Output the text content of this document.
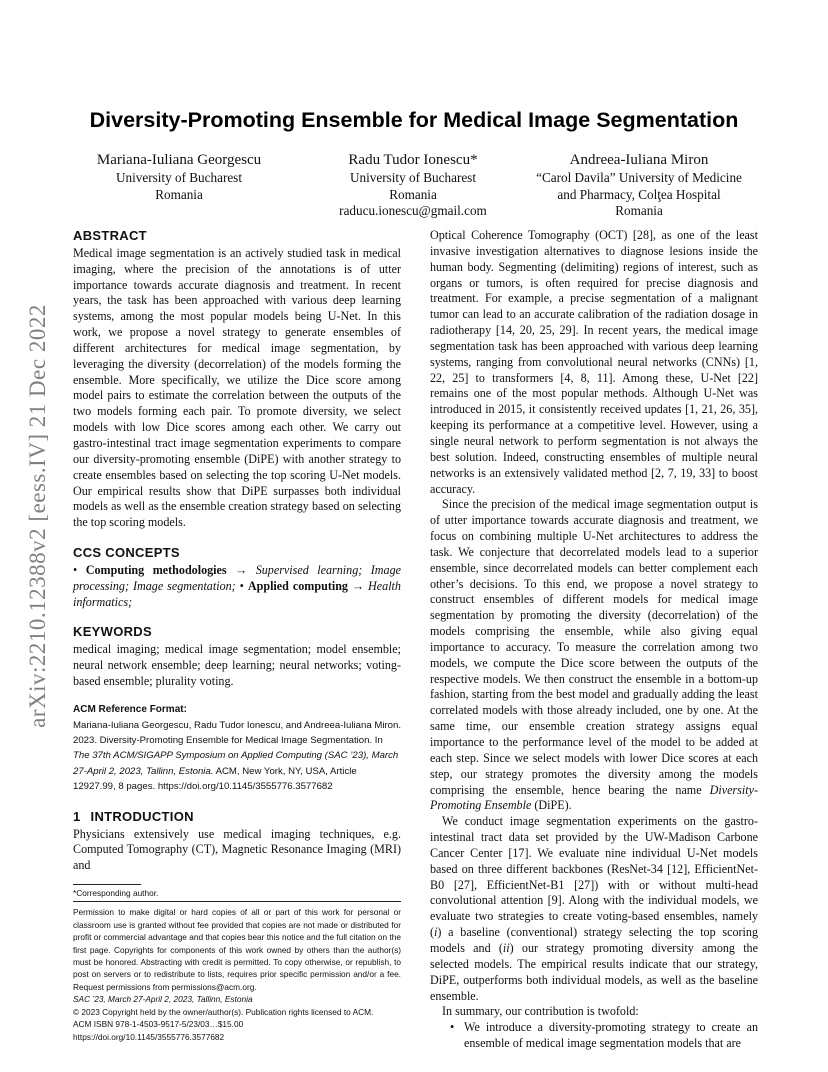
arXiv:2210.12388v2 [eess.IV] 21 Dec 2022
Diversity-Promoting Ensemble for Medical Image Segmentation
Mariana-Iuliana Georgescu
University of Bucharest
Romania
Radu Tudor Ionescu*
University of Bucharest
Romania
raducu.ionescu@gmail.com
Andreea-Iuliana Miron
“Carol Davila” University of Medicine
and Pharmacy, Colţea Hospital
Romania
ABSTRACT

Medical image segmentation is an actively studied task in medical imaging, where the precision of the annotations is of utter importance towards accurate diagnosis and treatment. In recent years, the task has been approached with various deep learning systems, among the most popular models being U-Net. In this work, we propose a novel strategy to generate ensembles of different architectures for medical image segmentation, by leveraging the diversity (decorrelation) of the models forming the ensemble. More specifically, we utilize the Dice score among model pairs to estimate the correlation between the outputs of the two models forming each pair. To promote diversity, we select models with low Dice scores among each other. We carry out gastro-intestinal tract image segmentation experiments to compare our diversity-promoting ensemble (DiPE) with another strategy to create ensembles based on selecting the top scoring U-Net models. Our empirical results show that DiPE surpasses both individual models as well as the ensemble creation strategy based on selecting the top scoring models.

CCS CONCEPTS

• Computing methodologies → Supervised learning; Image processing; Image segmentation; • Applied computing → Health informatics;

KEYWORDS

medical imaging; medical image segmentation; model ensemble; neural network ensemble; deep learning; neural networks; voting-based ensemble; plurality voting.

ACM Reference Format:
Mariana-Iuliana Georgescu, Radu Tudor Ionescu, and Andreea-Iuliana Miron. 2023. Diversity-Promoting Ensemble for Medical Image Segmentation. In The 37th ACM/SIGAPP Symposium on Applied Computing (SAC ’23), March 27-April 2, 2023, Tallinn, Estonia. ACM, New York, NY, USA, Article 12927.99, 8 pages. https://doi.org/10.1145/3555776.3577682
1 INTRODUCTION

Physicians extensively use medical imaging techniques, e.g. Computed Tomography (CT), Magnetic Resonance Imaging (MRI) and

*Corresponding author.
Permission to make digital or hard copies of all or part of this work for personal or classroom use is granted without fee provided that copies are not made or distributed for profit or commercial advantage and that copies bear this notice and the full citation on the first page. Copyrights for components of this work owned by others than the author(s) must be honored. Abstracting with credit is permitted. To copy otherwise, or republish, to post on servers or to redistribute to lists, requires prior specific permission and/or a fee. Request permissions from permissions@acm.org.
SAC ’23, March 27-April 2, 2023, Tallinn, Estonia
© 2023 Copyright held by the owner/author(s). Publication rights licensed to ACM.
ACM ISBN 978-1-4503-9517-5/23/03…$15.00
https://doi.org/10.1145/3555776.3577682

Optical Coherence Tomography (OCT) [28], as one of the least invasive investigation alternatives to diagnose lesions inside the human body. Segmenting (delimiting) regions of interest, such as organs or tumors, is often required for precise diagnosis and treatment. For example, a precise segmentation of a malignant tumor can lead to an accurate calibration of the radiation dosage in radiotherapy [14, 20, 25, 29]. In recent years, the medical image segmentation task has been approached with various deep learning systems, ranging from convolutional neural networks (CNNs) [1, 22, 25] to transformers [4, 8, 11]. Among these, U-Net [22] remains one of the most popular methods. Although U-Net was introduced in 2015, it consistently received updates [1, 21, 26, 35], keeping its performance at a competitive level. However, using a single neural network to perform segmentation is not always the best solution. Indeed, constructing ensembles of multiple neural networks is an extensively validated method [2, 7, 19, 33] to boost accuracy.

Since the precision of the medical image segmentation output is of utter importance towards accurate diagnosis and treatment, we focus on combining multiple U-Net architectures to address the task. We conjecture that decorrelated models lead to a superior ensemble, since decorrelated models can better complement each other’s decisions. To this end, we propose a novel strategy to construct ensembles of different models for medical image segmentation by promoting the diversity (decorrelation) of the models comprising the ensemble, while also giving equal importance to accuracy. To measure the correlation among two models, we compute the Dice score between the outputs of the respective models. We then construct the ensemble in a bottom-up fashion, starting from the best model and gradually adding the least correlated models with those already included, one by one. At the same time, our ensemble creation strategy assigns equal importance to the performance level of the model to be added at each step. Since we select models with lower Dice scores at each step, our strategy promotes the diversity among the models comprising the ensemble, hence bearing the name Diversity-Promoting Ensemble (DiPE).

We conduct image segmentation experiments on the gastro-intestinal tract data set provided by the UW-Madison Carbone Cancer Center [17]. We evaluate nine individual U-Net models based on three different backbones (ResNet-34 [12], EfficientNet-B0 [27], EfficientNet-B1 [27]) with or without multi-head convolutional attention [9]. Along with the individual models, we evaluate two strategies to create voting-based ensembles, namely (i) a baseline (conventional) strategy selecting the top scoring models and (ii) our strategy promoting diversity among the selected models. The empirical results indicate that our strategy, DiPE, outperforms both individual models, as well as the baseline ensemble.

In summary, our contribution is twofold:

• We introduce a diversity-promoting strategy to create an ensemble of medical image segmentation models that are
